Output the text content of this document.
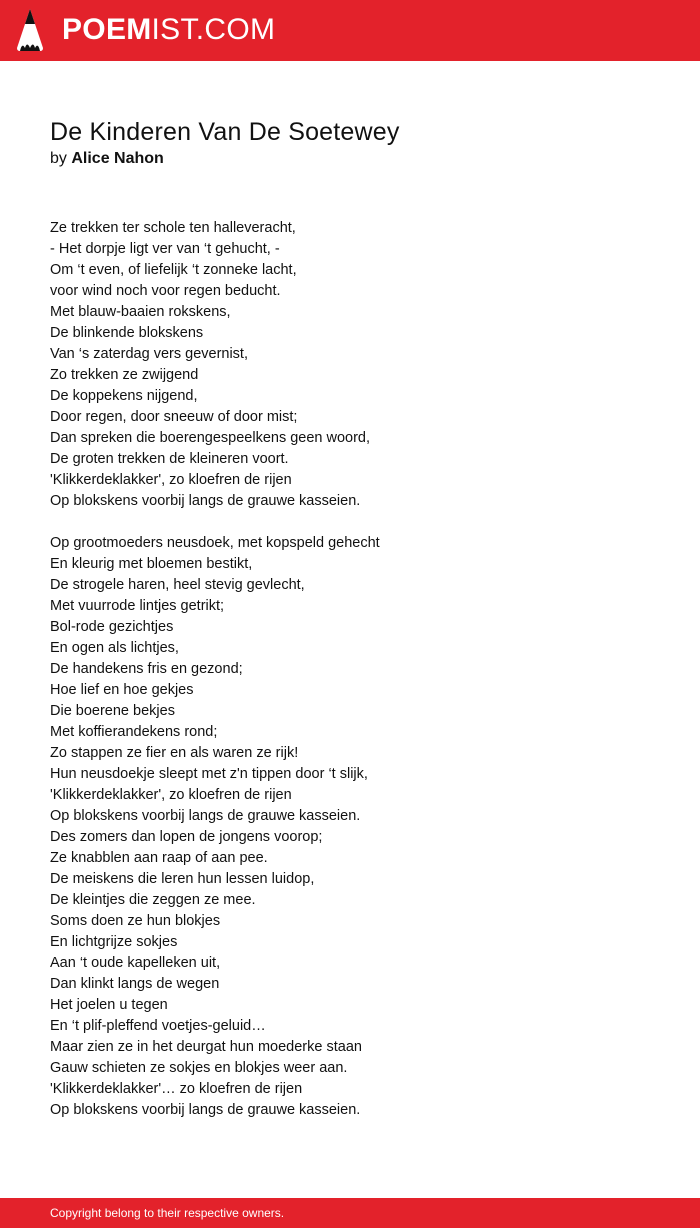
POEMIST.COM
De Kinderen Van De Soetewey
by Alice Nahon
Ze trekken ter schole ten halleveracht,
- Het dorpje ligt ver van ‘t gehucht, -
Om ‘t even, of liefelijk ‘t zonneke lacht,
voor wind noch voor regen beducht.
Met blauw-baaien rokskens,
De blinkende blokskens
Van ‘s zaterdag vers gevernist,
Zo trekken ze zwijgend
De koppekens nijgend,
Door regen, door sneeuw of door mist;
Dan spreken die boerengespeelkens geen woord,
De groten trekken de kleineren voort.
'Klikkerdeklakker', zo kloefren de rijen
Op blokskens voorbij langs de grauwe kasseien.
Op grootmoeders neusdoek, met kopspeld gehecht
En kleurig met bloemen bestikt,
De strogele haren, heel stevig gevlecht,
Met vuurrode lintjes getrikt;
Bol-rode gezichtjes
En ogen als lichtjes,
De handekens fris en gezond;
Hoe lief en hoe gekjes
Die boerene bekjes
Met koffierandekens rond;
Zo stappen ze fier en als waren ze rijk!
Hun neusdoekje sleept met z'n tippen door ‘t slijk,
'Klikkerdeklakker', zo kloefren de rijen
Op blokskens voorbij langs de grauwe kasseien.
Des zomers dan lopen de jongens voorop;
Ze knabblen aan raap of aan pee.
De meiskens die leren hun lessen luidop,
De kleintjes die zeggen ze mee.
Soms doen ze hun blokjes
En lichtgrijze sokjes
Aan ‘t oude kapelleken uit,
Dan klinkt langs de wegen
Het joelen u tegen
En ‘t plif-pleffend voetjes-geluid…
Maar zien ze in het deurgat hun moederke staan
Gauw schieten ze sokjes en blokjes weer aan.
'Klikkerdeklakker'… zo kloefren de rijen
Op blokskens voorbij langs de grauwe kasseien.
Copyright belong to their respective owners.
